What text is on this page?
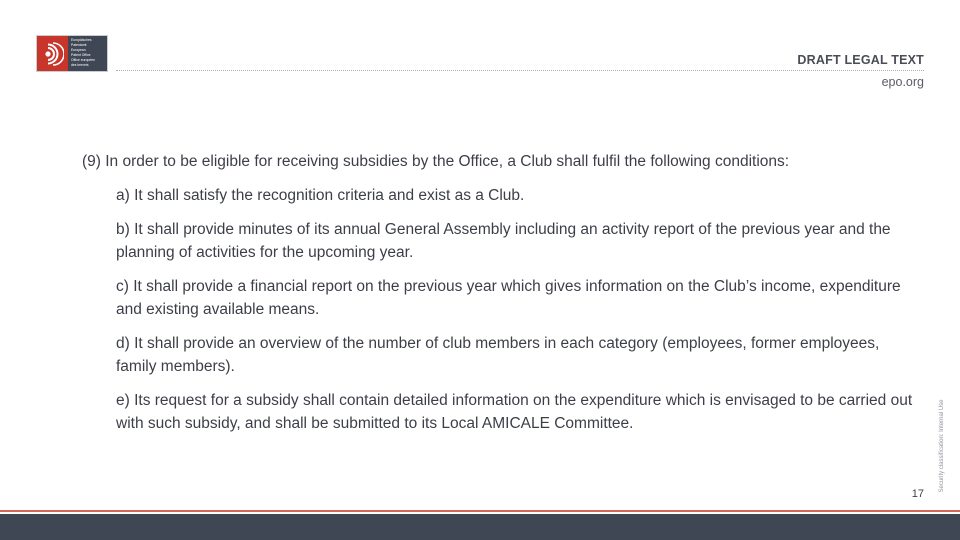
Europäisches
Patentamt
European
Patent Office
Office européen
des brevets	DRAFT LEGAL TEXT
epo.org

(9) In order to be eligible for receiving subsidies by the Office, a Club shall fulfil the following conditions:

a) It shall satisfy the recognition criteria and exist as a Club.

b) It shall provide minutes of its annual General Assembly including an activity report of the previous year and the planning of activities for the upcoming year.

c) It shall provide a financial report on the previous year which gives information on the Club’s income, expenditure and existing available means.

d) It shall provide an overview of the number of club members in each category (employees, former employees, family members).

e) Its request for a subsidy shall contain detailed information on the expenditure which is envisaged to be carried out with such subsidy, and shall be submitted to its Local AMICALE Committee.	Security classification: Internal Use
17
